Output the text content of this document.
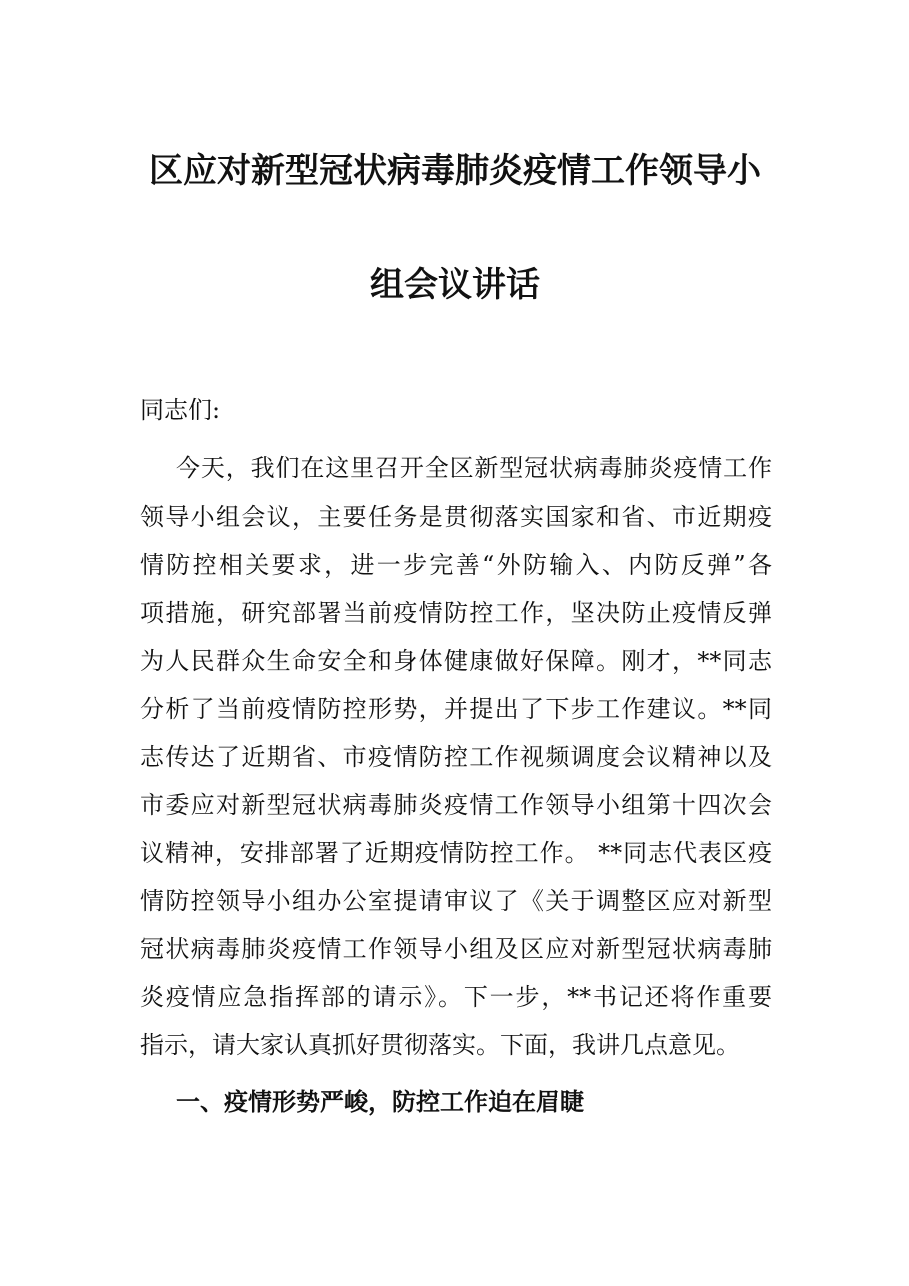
区应对新型冠状病毒肺炎疫情工作领导小
组会议讲话
同志们:
今天，我们在这里召开全区新型冠状病毒肺炎疫情工作
领导小组会议，主要任务是贯彻落实国家和省、市近期疫
情防控相关要求，进一步完善“外防输入、内防反弹”各
项措施，研究部署当前疫情防控工作，坚决防止疫情反弹
为人民群众生命安全和身体健康做好保障。刚才，**同志
分析了当前疫情防控形势，并提出了下步工作建议。**同
志传达了近期省、市疫情防控工作视频调度会议精神以及
市委应对新型冠状病毒肺炎疫情工作领导小组第十四次会
议精神，安排部署了近期疫情防控工作。 **同志代表区疫
情防控领导小组办公室提请审议了《关于调整区应对新型
冠状病毒肺炎疫情工作领导小组及区应对新型冠状病毒肺
炎疫情应急指挥部的请示》。下一步，**书记还将作重要
指示，请大家认真抓好贯彻落实。下面，我讲几点意见。
一、疫情形势严峻，防控工作迫在眉睫
